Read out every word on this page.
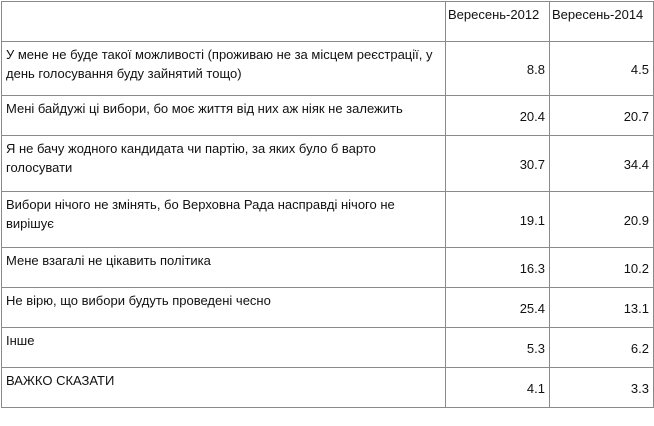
	Вересень-2012	Вересень-2014
У мене не буде такої можливості (проживаю не за місцем реєстрації, у день голосування буду зайнятий тощо)	8.8	4.5
Мені байдужі ці вибори, бо моє життя від них аж ніяк не залежить	20.4	20.7
Я не бачу жодного кандидата чи партію, за яких було б варто голосувати	30.7	34.4
Вибори нічого не змінять, бо Верховна Рада насправді нічого не вирішує	19.1	20.9
Мене взагалі не цікавить політика	16.3	10.2
Не вірю, що вибори будуть проведені чесно	25.4	13.1
Інше	5.3	6.2
ВАЖКО СКАЗАТИ	4.1	3.3
